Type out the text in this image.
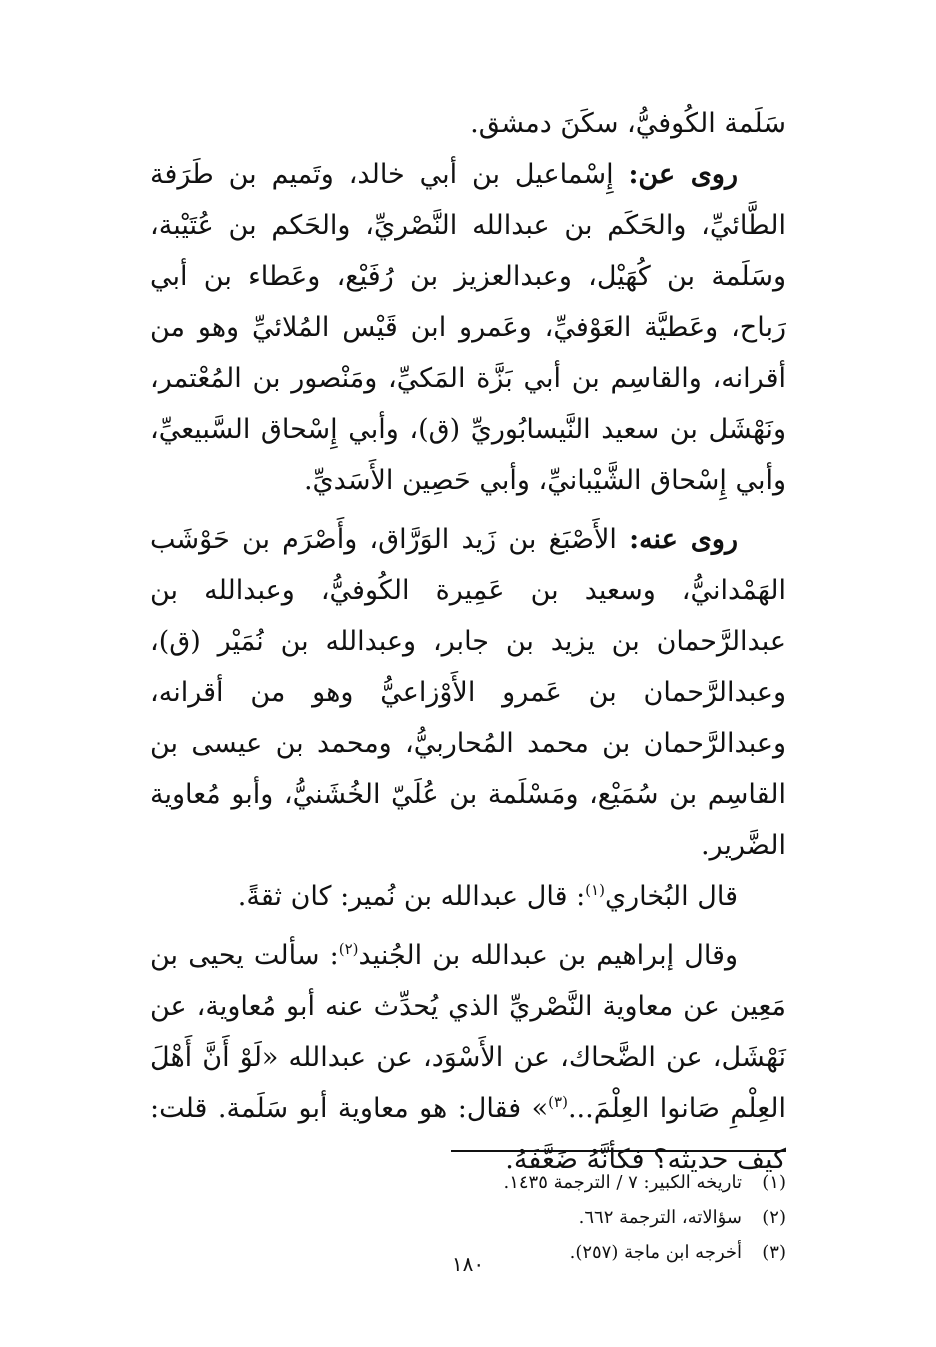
سَلَمة الكُوفيُّ، سكَنَ دمشق.

روى عن: إِسْماعيل بن أبي خالد، وتَميم بن طَرَفة الطَّائيِّ، والحَكَم بن عبدالله النَّصْريِّ، والحَكم بن عُتَيْبة، وسَلَمة بن كُهَيْل، وعبدالعزيز بن رُفَيْع، وعَطاء بن أبي رَباح، وعَطيَّة العَوْفيِّ، وعَمرو ابن قَيْس المُلائيِّ وهو من أقرانه، والقاسِم بن أبي بَزَّة المَكيِّ، ومَنْصور بن المُعْتمر، ونَهْشَل بن سعيد النَّيسابُوريِّ (ق)، وأبي إِسْحاق السَّبيعيِّ، وأبي إِسْحاق الشَّيْبانيِّ، وأبي حَصِين الأَسَديِّ.

روى عنه: الأَصْبَغ بن زَيد الوَرَّاق، وأَصْرَم بن حَوْشَب الهَمْدانيُّ، وسعيد بن عَمِيرة الكُوفيُّ، وعبدالله بن عبدالرَّحمان بن يزيد بن جابر، وعبدالله بن نُمَيْر (ق)، وعبدالرَّحمان بن عَمرو الأَوْزاعيُّ وهو من أقرانه، وعبدالرَّحمان بن محمد المُحاربيُّ، ومحمد بن عيسى بن القاسِم بن سُمَيْع، ومَسْلَمة بن عُلَيّ الخُشَنيُّ، وأبو مُعاوية الضَّرير.

قال البُخاري$^{(١)}$: قال عبدالله بن نُمير: كان ثقةً.

وقال إبراهيم بن عبدالله بن الجُنيد$^{(٢)}$: سألت يحيى بن مَعِين عن معاوية النَّصْريِّ الذي يُحدِّث عنه أبو مُعاوية، عن نَهْشَل، عن الضَّحاك، عن الأَسْوَد، عن عبدالله «لَوْ أَنَّ أَهْلَ العِلْمِ صَانوا العِلْمَ...$^{(٣)}$» فقال: هو معاوية أبو سَلَمة. قلت: كيف حديثه؟ فكأنَّهُ ضَعَّفَهُ.

(١)تاريخه الكبير: ٧ / الترجمة ١٤٣٥.
(٢)سؤالاته، الترجمة ٦٦٢.
(٣)أخرجه ابن ماجة (٢٥٧).
١٨٠
